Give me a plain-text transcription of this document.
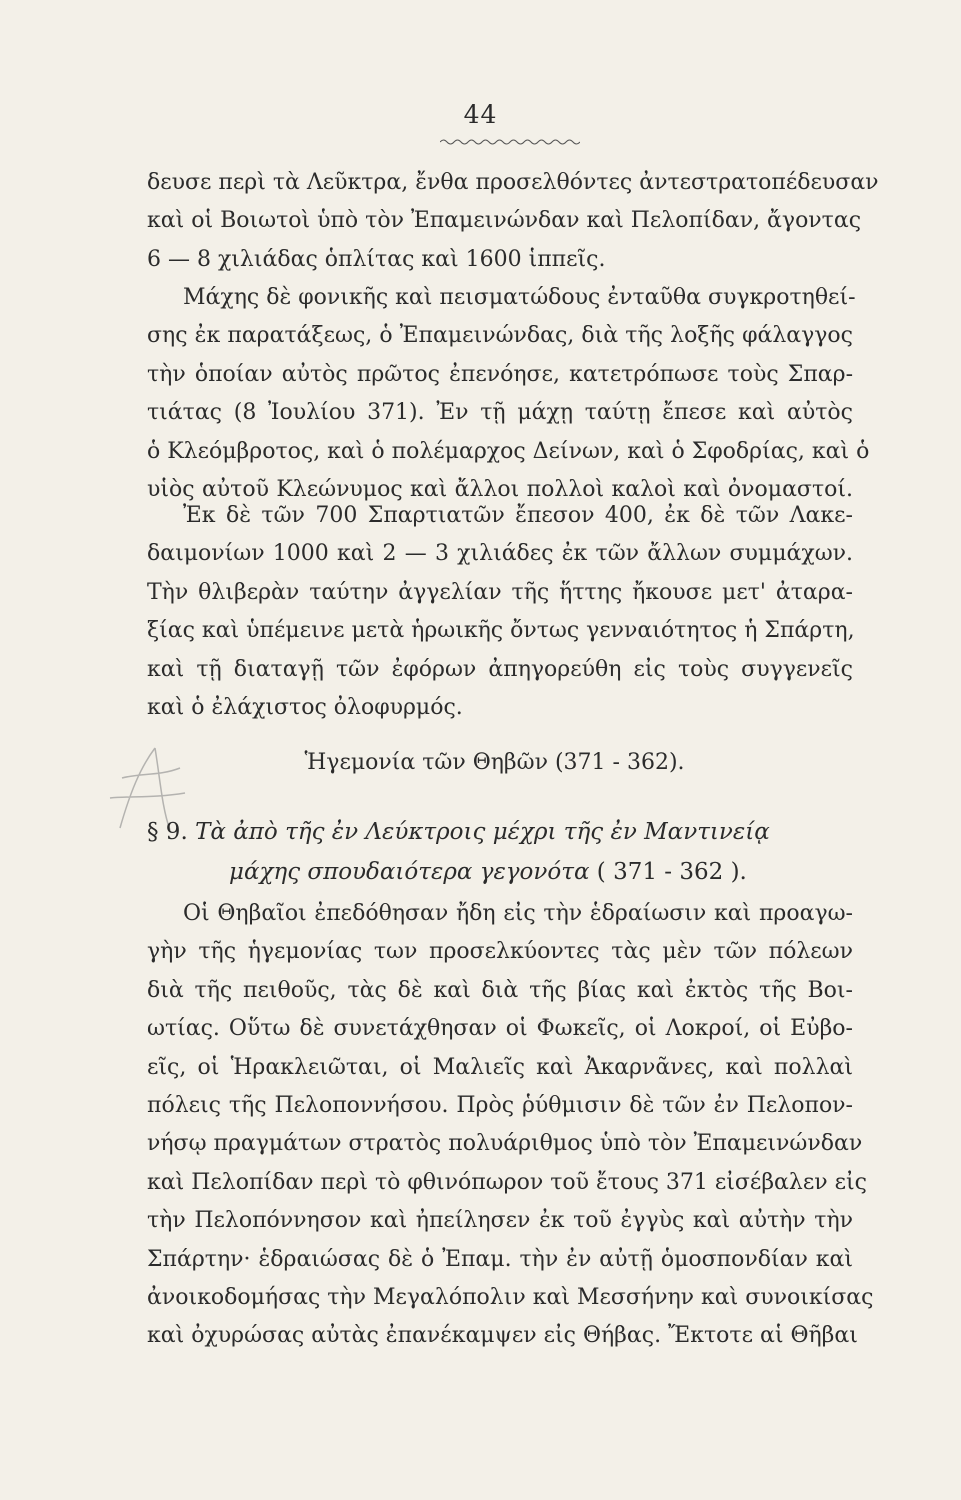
44
δευσε περὶ τὰ Λεῦκτρα, ἔνθα προσελθόντες ἀντεστρατοπέδευσαν
καὶ οἱ Βοιωτοὶ ὑπὸ τὸν Ἐπαμεινώνδαν καὶ Πελοπίδαν, ἄγοντας
6 — 8 χιλιάδας ὁπλίτας καὶ 1600 ἱππεῖς.
Μάχης δὲ φονικῆς καὶ πεισματώδους ἐνταῦθα συγκροτηθεί-
σης ἐκ παρατάξεως, ὁ Ἐπαμεινώνδας, διὰ τῆς λοξῆς φάλαγγος
τὴν ὁποίαν αὐτὸς πρῶτος ἐπενόησε, κατετρόπωσε τοὺς Σπαρ-
τιάτας (8 Ἰουλίου 371). Ἐν τῇ μάχῃ ταύτῃ ἔπεσε καὶ αὐτὸς
ὁ Κλεόμβροτος, καὶ ὁ πολέμαρχος Δείνων, καὶ ὁ Σφοδρίας, καὶ ὁ
υἱὸς αὐτοῦ Κλεώνυμος καὶ ἄλλοι πολλοὶ καλοὶ καὶ ὀνομαστοί.
Ἐκ δὲ τῶν 700 Σπαρτιατῶν ἔπεσον 400, ἐκ δὲ τῶν Λακε-
δαιμονίων 1000 καὶ 2 — 3 χιλιάδες ἐκ τῶν ἄλλων συμμάχων.
Τὴν θλιβερὰν ταύτην ἀγγελίαν τῆς ἥττης ἤκουσε μετ' ἀταρα-
ξίας καὶ ὑπέμεινε μετὰ ἡρωικῆς ὄντως γενναιότητος ἡ Σπάρτη,
καὶ τῇ διαταγῇ τῶν ἐφόρων ἀπηγορεύθη εἰς τοὺς συγγενεῖς
καὶ ὁ ἐλάχιστος ὀλοφυρμός.
Ἡγεμονία τῶν Θηβῶν (371 - 362).
§ 9. Τὰ ἀπὸ τῆς ἐν Λεύκτροις μέχρι τῆς ἐν Μαντινείᾳ
μάχης σπουδαιότερα γεγονότα ( 371 - 362 ).
Οἱ Θηβαῖοι ἐπεδόθησαν ἤδη εἰς τὴν ἑδραίωσιν καὶ προαγω-
γὴν τῆς ἡγεμονίας των προσελκύοντες τὰς μὲν τῶν πόλεων
διὰ τῆς πειθοῦς, τὰς δὲ καὶ διὰ τῆς βίας καὶ ἐκτὸς τῆς Βοι-
ωτίας. Οὕτω δὲ συνετάχθησαν οἱ Φωκεῖς, οἱ Λοκροί, οἱ Εὐβο-
εῖς, οἱ Ἡρακλειῶται, οἱ Μαλιεῖς καὶ Ἀκαρνᾶνες, καὶ πολλαὶ
πόλεις τῆς Πελοποννήσου. Πρὸς ῥύθμισιν δὲ τῶν ἐν Πελοπον-
νήσῳ πραγμάτων στρατὸς πολυάριθμος ὑπὸ τὸν Ἐπαμεινώνδαν
καὶ Πελοπίδαν περὶ τὸ φθινόπωρον τοῦ ἔτους 371 εἰσέβαλεν εἰς
τὴν Πελοπόννησον καὶ ἠπείλησεν ἐκ τοῦ ἐγγὺς καὶ αὐτὴν τὴν
Σπάρτην· ἑδραιώσας δὲ ὁ Ἐπαμ. τὴν ἐν αὐτῇ ὁμοσπονδίαν καὶ
ἀνοικοδομήσας τὴν Μεγαλόπολιν καὶ Μεσσήνην καὶ συνοικίσας
καὶ ὀχυρώσας αὐτὰς ἐπανέκαμψεν εἰς Θήβας. Ἔκτοτε αἱ Θῆβαι
